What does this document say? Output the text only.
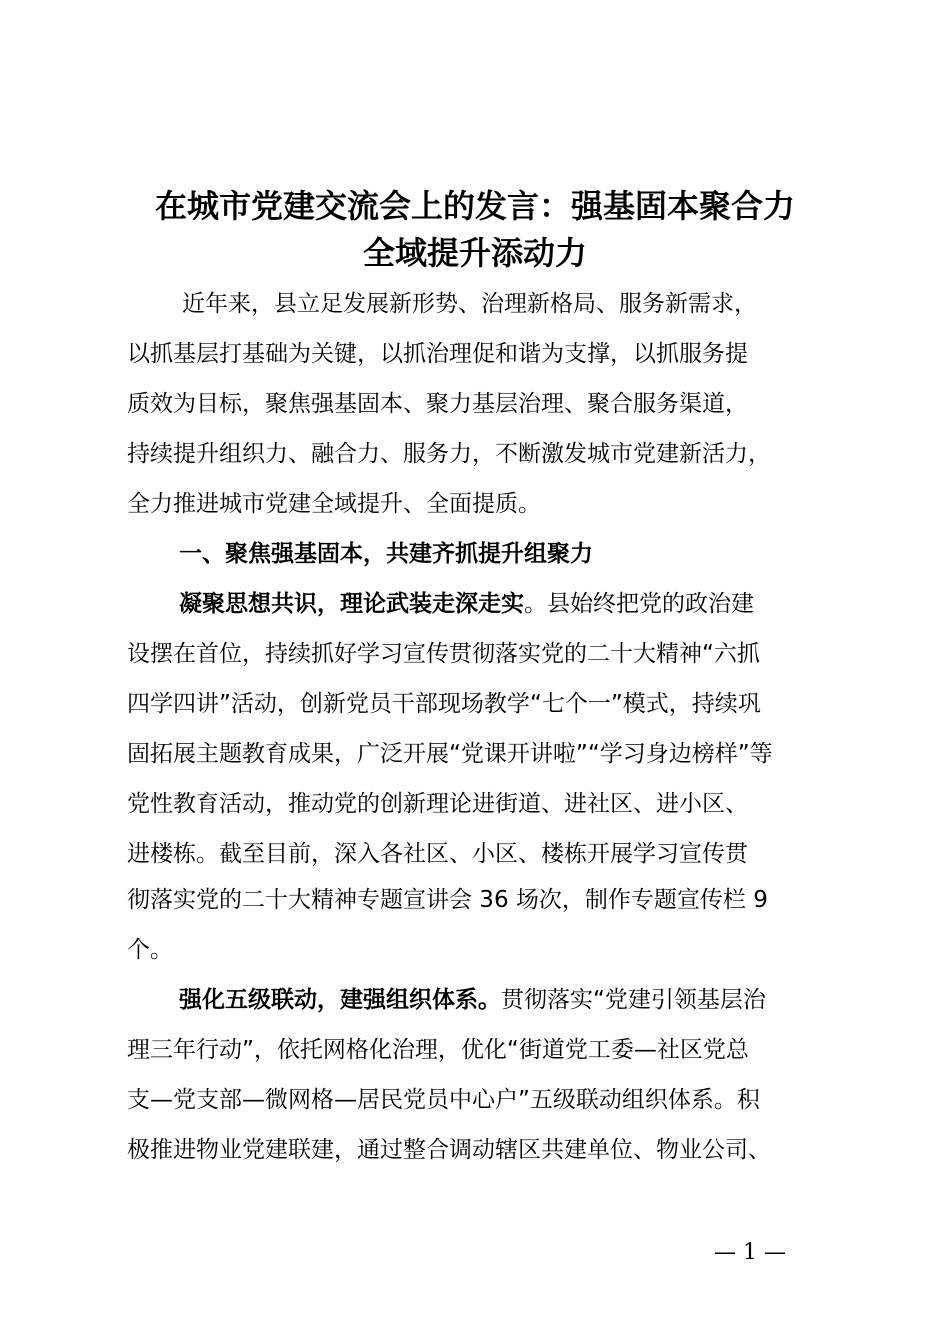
在城市党建交流会上的发言：强基固本聚合力
全域提升添动力
近年来，县立足发展新形势、治理新格局、服务新需求，
以抓基层打基础为关键，以抓治理促和谐为支撑，以抓服务提
质效为目标，聚焦强基固本、聚力基层治理、聚合服务渠道，
持续提升组织力、融合力、服务力，不断激发城市党建新活力，
全力推进城市党建全域提升、全面提质。
一、聚焦强基固本，共建齐抓提升组聚力
凝聚思想共识，理论武装走深走实。县始终把党的政治建
设摆在首位，持续抓好学习宣传贯彻落实党的二十大精神“六抓
四学四讲”活动，创新党员干部现场教学“七个一”模式，持续巩
固拓展主题教育成果，广泛开展“党课开讲啦”“学习身边榜样”等
党性教育活动，推动党的创新理论进街道、进社区、进小区、
进楼栋。截至目前，深入各社区、小区、楼栋开展学习宣传贯
彻落实党的二十大精神专题宣讲会 36 场次，制作专题宣传栏 9
个。
强化五级联动，建强组织体系。贯彻落实“党建引领基层治
理三年行动”，依托网格化治理，优化“街道党工委—社区党总
支—党支部—微网格—居民党员中心户”五级联动组织体系。积
极推进物业党建联建，通过整合调动辖区共建单位、物业公司、
— 1 —
